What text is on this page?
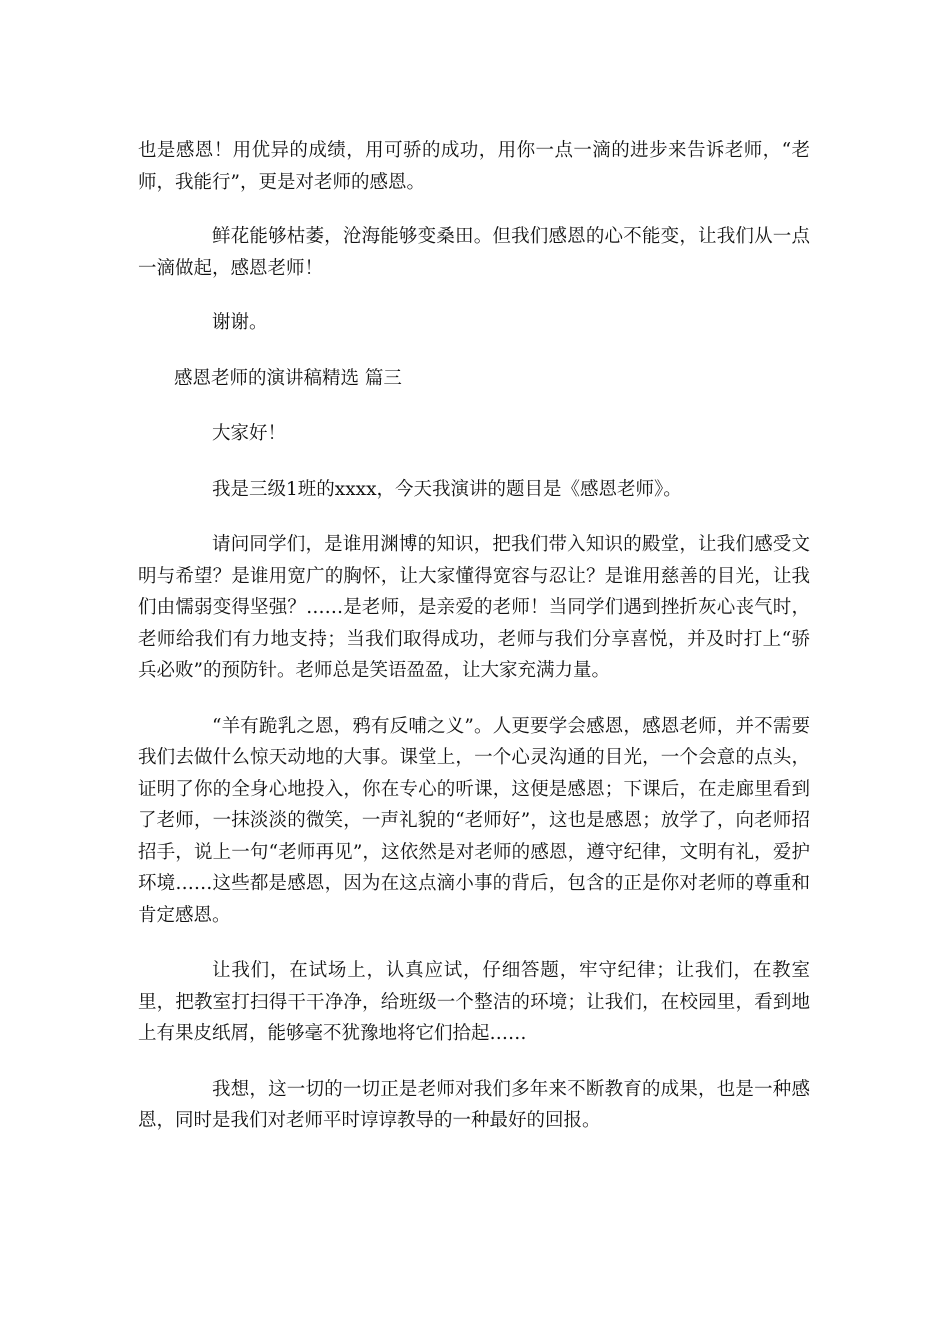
也是感恩！用优异的成绩，用可骄的成功，用你一点一滴的进步来告诉老师，“老师，我能行”，更是对老师的感恩。

鲜花能够枯萎，沧海能够变桑田。但我们感恩的心不能变，让我们从一点一滴做起，感恩老师！

谢谢。

感恩老师的演讲稿精选 篇三

大家好！

我是三级1班的xxxx，今天我演讲的题目是《感恩老师》。

请问同学们，是谁用渊博的知识，把我们带入知识的殿堂，让我们感受文明与希望？是谁用宽广的胸怀，让大家懂得宽容与忍让？是谁用慈善的目光，让我们由懦弱变得坚强？……是老师，是亲爱的老师！当同学们遇到挫折灰心丧气时，老师给我们有力地支持；当我们取得成功，老师与我们分享喜悦，并及时打上“骄兵必败”的预防针。老师总是笑语盈盈，让大家充满力量。

“羊有跪乳之恩，鸦有反哺之义”。人更要学会感恩，感恩老师，并不需要我们去做什么惊天动地的大事。课堂上，一个心灵沟通的目光，一个会意的点头，证明了你的全身心地投入，你在专心的听课，这便是感恩；下课后，在走廊里看到了老师，一抹淡淡的微笑，一声礼貌的“老师好”，这也是感恩；放学了，向老师招招手，说上一句“老师再见”，这依然是对老师的感恩，遵守纪律，文明有礼，爱护环境……这些都是感恩，因为在这点滴小事的背后，包含的正是你对老师的尊重和肯定感恩。

让我们，在试场上，认真应试，仔细答题，牢守纪律；让我们，在教室里，把教室打扫得干干净净，给班级一个整洁的环境；让我们，在校园里，看到地上有果皮纸屑，能够毫不犹豫地将它们拾起……

我想，这一切的一切正是老师对我们多年来不断教育的成果，也是一种感恩，同时是我们对老师平时谆谆教导的一种最好的回报。
